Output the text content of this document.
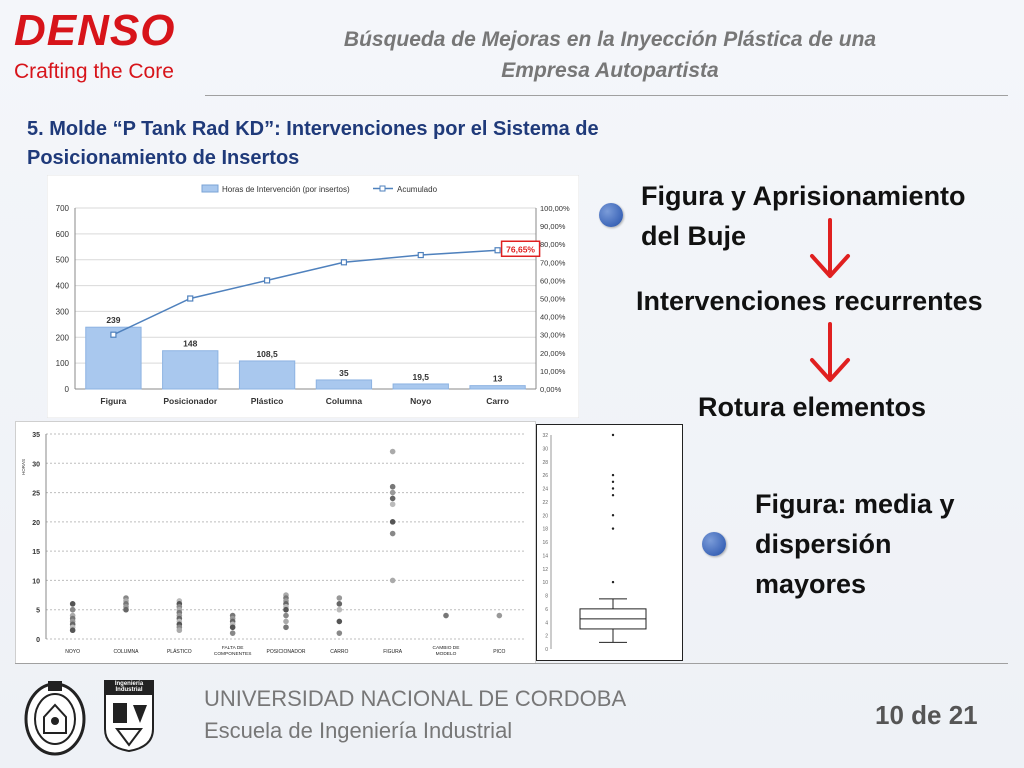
DENSO
Crafting the Core
Búsqueda de Mejoras en la Inyección Plástica de una
Empresa Autopartista
5. Molde “P Tank Rad KD”: Intervenciones por el Sistema de
Posicionamiento de Insertos
Horas de Intervención (por insertos)	Acumulado
0
100
200
300
400
500
600
700
0,00%
10,00%
20,00%
30,00%
40,00%
50,00%
60,00%
70,00%
80,00%
90,00%
100,00%
239
Figura
148
Posicionador
108,5
Plástico
35
Columna
19,5
Noyo
13
Carro
76,65%
HORAS
0
5
10
15
20
25
30
35
NOYO	COLUMNA	PLÁSTICO
FALTA DE
COMPONENTES	POSICIONADOR	CARRO	FIGURA
CAMBIO DE
MODELO	PICO	0
2
4
6
8
10
12
14
16
18
20
22
24
26
28
30
32
Figura y Aprisionamiento
del Buje
Intervenciones recurrentes
Rotura elementos
Figura: media y
dispersión
mayores
Ingeniería Industrial	UNIVERSIDAD NACIONAL DE CORDOBA
Escuela de Ingeniería Industrial
10 de 21
